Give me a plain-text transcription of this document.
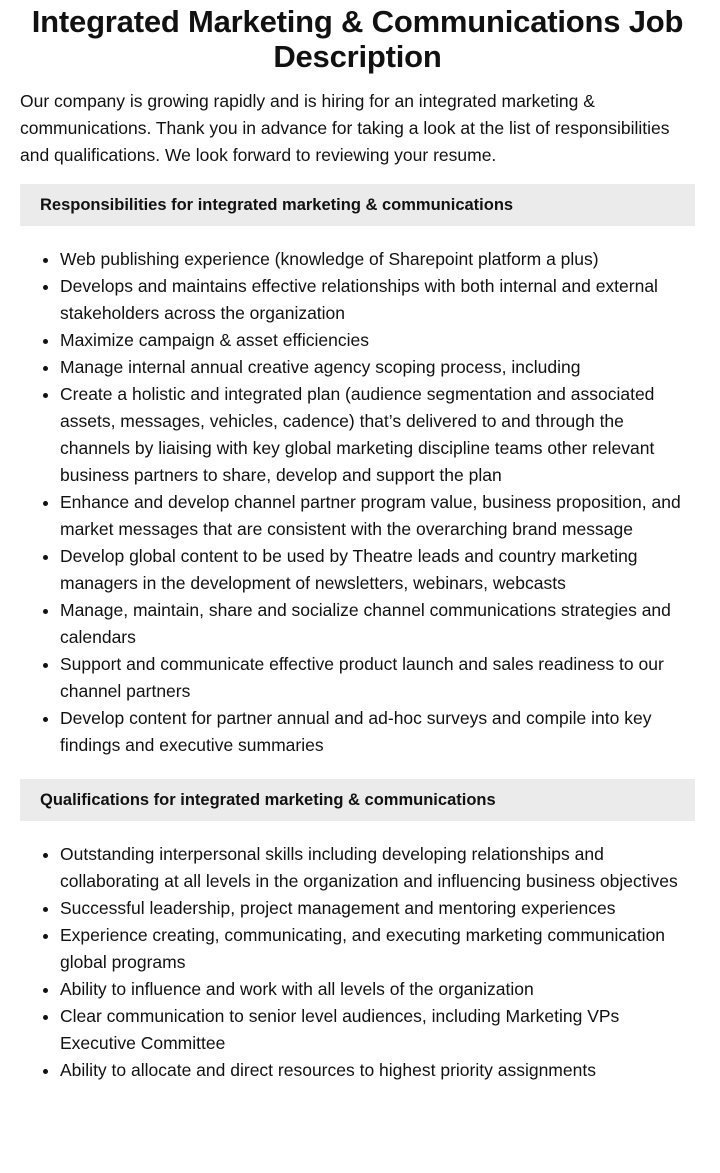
Integrated Marketing & Communications Job Description

Our company is growing rapidly and is hiring for an integrated marketing & communications. Thank you in advance for taking a look at the list of responsibilities and qualifications. We look forward to reviewing your resume.

Responsibilities for integrated marketing & communications
• Web publishing experience (knowledge of Sharepoint platform a plus)
• Develops and maintains effective relationships with both internal and external stakeholders across the organization
• Maximize campaign & asset efficiencies
• Manage internal annual creative agency scoping process, including
• Create a holistic and integrated plan (audience segmentation and associated assets, messages, vehicles, cadence) that’s delivered to and through the channels by liaising with key global marketing discipline teams other relevant business partners to share, develop and support the plan
• Enhance and develop channel partner program value, business proposition, and market messages that are consistent with the overarching brand message
• Develop global content to be used by Theatre leads and country marketing managers in the development of newsletters, webinars, webcasts
• Manage, maintain, share and socialize channel communications strategies and calendars
• Support and communicate effective product launch and sales readiness to our channel partners
• Develop content for partner annual and ad-hoc surveys and compile into key findings and executive summaries
Qualifications for integrated marketing & communications
• Outstanding interpersonal skills including developing relationships and collaborating at all levels in the organization and influencing business objectives
• Successful leadership, project management and mentoring experiences
• Experience creating, communicating, and executing marketing communication global programs
• Ability to influence and work with all levels of the organization
• Clear communication to senior level audiences, including Marketing VPs Executive Committee
• Ability to allocate and direct resources to highest priority assignments
